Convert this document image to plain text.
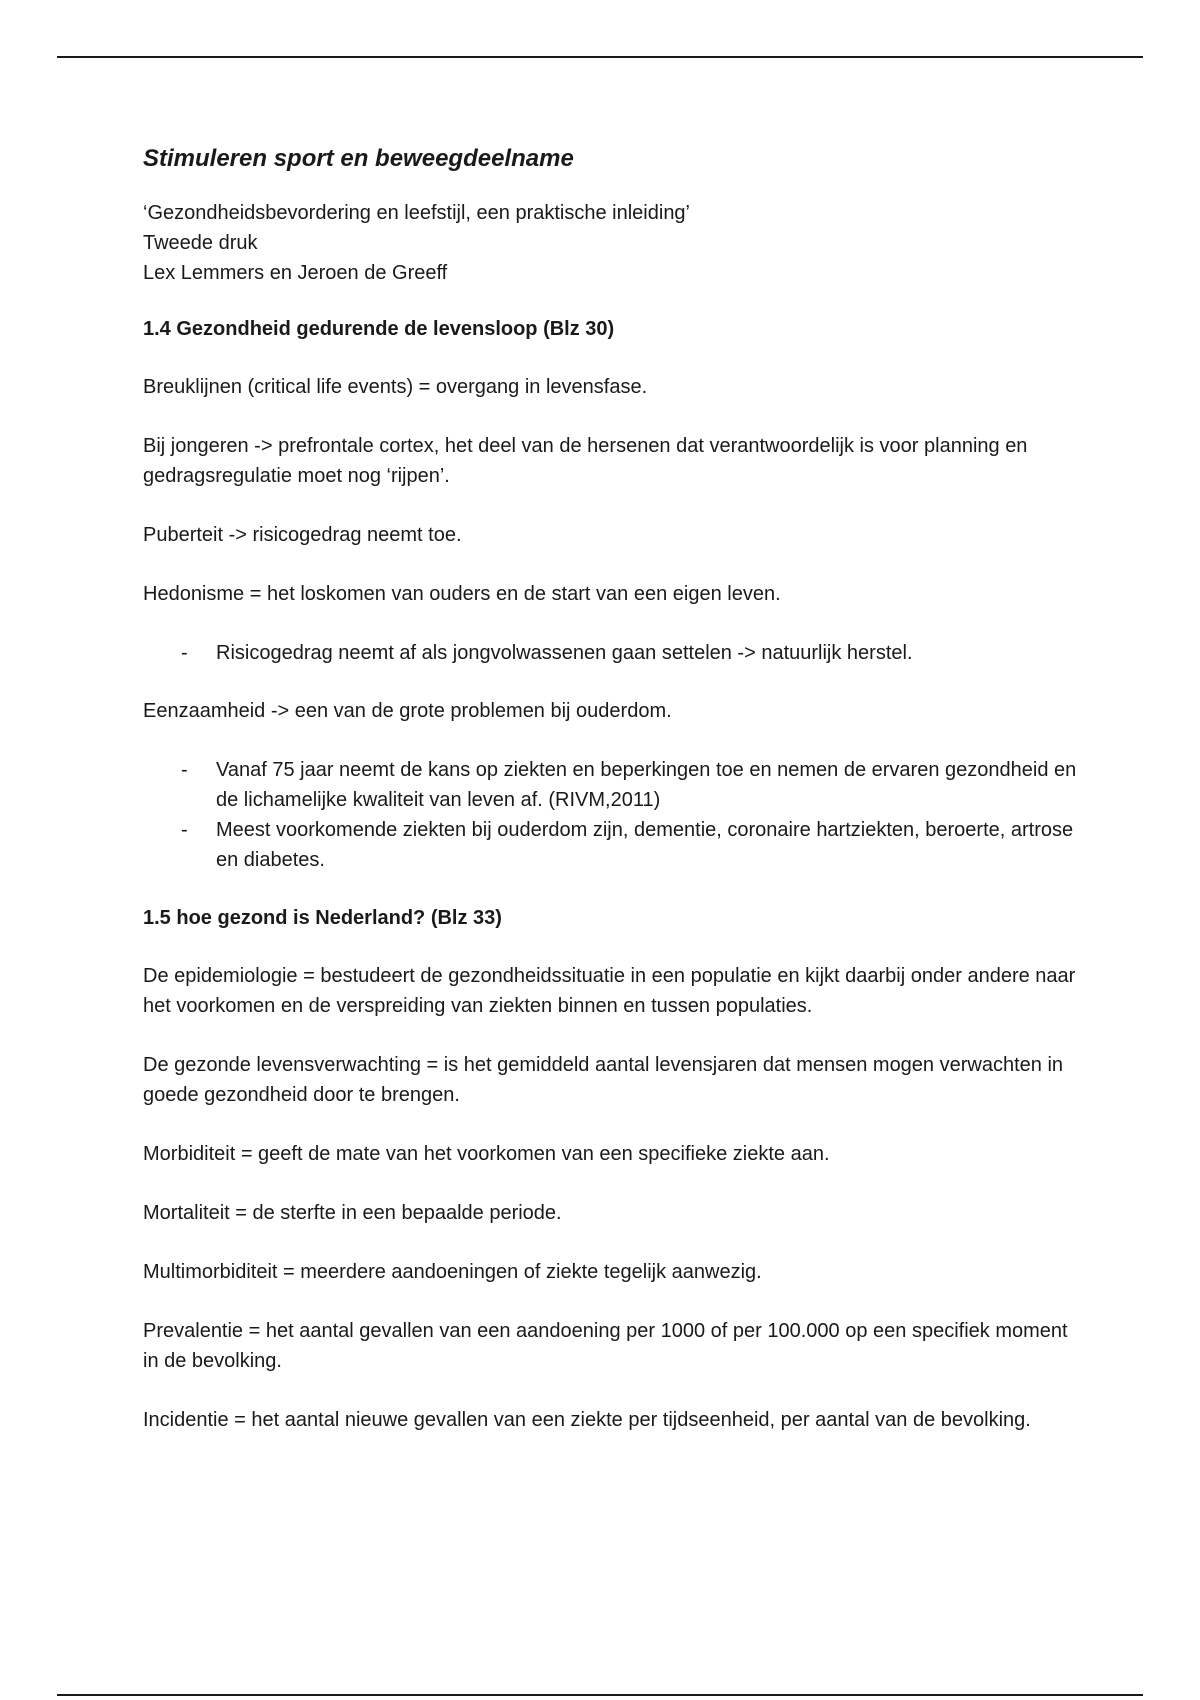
Stimuleren sport en beweegdeelname
‘Gezondheidsbevordering en leefstijl, een praktische inleiding’
Tweede druk
Lex Lemmers en Jeroen de Greeff
1.4 Gezondheid gedurende de levensloop (Blz 30)

Breuklijnen (critical life events) = overgang in levensfase.

Bij jongeren -> prefrontale cortex, het deel van de hersenen dat verantwoordelijk is voor planning en gedragsregulatie moet nog ‘rijpen’.

Puberteit -> risicogedrag neemt toe.

Hedonisme = het loskomen van ouders en de start van een eigen leven.

- Risicogedrag neemt af als jongvolwassenen gaan settelen -> natuurlijk herstel.

Eenzaamheid -> een van de grote problemen bij ouderdom.

- Vanaf 75 jaar neemt de kans op ziekten en beperkingen toe en nemen de ervaren gezondheid en de lichamelijke kwaliteit van leven af. (RIVM,2011)
- Meest voorkomende ziekten bij ouderdom zijn, dementie, coronaire hartziekten, beroerte, artrose en diabetes.
1.5 hoe gezond is Nederland? (Blz 33)

De epidemiologie = bestudeert de gezondheidssituatie in een populatie en kijkt daarbij onder andere naar het voorkomen en de verspreiding van ziekten binnen en tussen populaties.

De gezonde levensverwachting = is het gemiddeld aantal levensjaren dat mensen mogen verwachten in goede gezondheid door te brengen.

Morbiditeit = geeft de mate van het voorkomen van een specifieke ziekte aan.

Mortaliteit = de sterfte in een bepaalde periode.

Multimorbiditeit = meerdere aandoeningen of ziekte tegelijk aanwezig.

Prevalentie = het aantal gevallen van een aandoening per 1000 of per 100.000 op een specifiek moment in de bevolking.

Incidentie = het aantal nieuwe gevallen van een ziekte per tijdseenheid, per aantal van de bevolking.
